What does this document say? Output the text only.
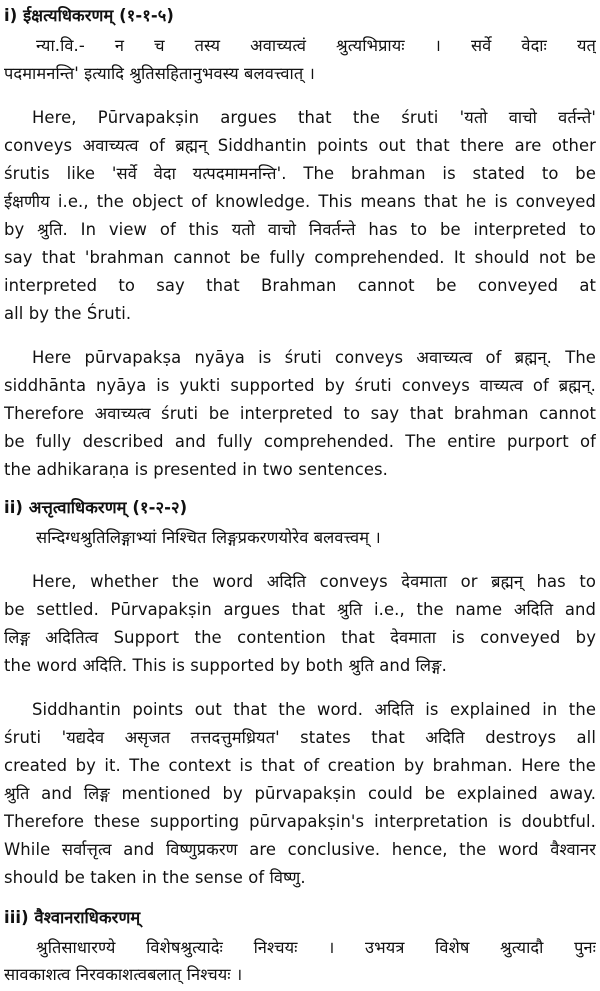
i) ईक्षत्यधिकरणम् (१-१-५)
न्या.वि.- न च तस्य अवाच्यत्वं श्रुत्यभिप्रायः । सर्वे वेदाः यत्
पदमामनन्ति' इत्यादि श्रुतिसहितानुभवस्य बलवत्त्वात् ।
Here, Pūrvapakṣin argues that the śruti 'यतो वाचो वर्तन्ते'
conveys अवाच्यत्व of ब्रह्मन् Siddhantin points out that there are other
śrutis like 'सर्वे वेदा यत्पदमामनन्ति'. The brahman is stated to be
ईक्षणीय i.e., the object of knowledge. This means that he is conveyed
by श्रुति. In view of this यतो वाचो निवर्तन्ते has to be interpreted to
say that 'brahman cannot be fully comprehended. It should not be
interpreted to say that Brahman cannot be conveyed at
all by the Śruti.
Here pūrvapakṣa nyāya is śruti conveys अवाच्यत्व of ब्रह्मन्. The
siddhānta nyāya is yukti supported by śruti conveys वाच्यत्व of ब्रह्मन्.
Therefore अवाच्यत्व śruti be interpreted to say that brahman cannot
be fully described and fully comprehended. The entire purport of
the adhikaraṇa is presented in two sentences.
ii) अत्तृत्वाधिकरणम् (१-२-२)
सन्दिग्धश्रुतिलिङ्गाभ्यां निश्चित लिङ्गप्रकरणयोरेव बलवत्त्वम् ।
Here, whether the word अदिति conveys देवमाता or ब्रह्मन् has to
be settled. Pūrvapakṣin argues that श्रुति i.e., the name अदिति and
लिङ्ग अदितित्व Support the contention that देवमाता is conveyed by
the word अदिति. This is supported by both श्रुति and लिङ्ग.
Siddhantin points out that the word. अदिति is explained in the
śruti 'यद्यदेव असृजत तत्तदत्तुमध्रियत' states that अदिति destroys all
created by it. The context is that of creation by brahman. Here the
श्रुति and लिङ्ग mentioned by pūrvapakṣin could be explained away.
Therefore these supporting pūrvapakṣin's interpretation is doubtful.
While सर्वात्तृत्व and विष्णुप्रकरण are conclusive. hence, the word वैश्वानर
should be taken in the sense of विष्णु.
iii) वैश्वानराधिकरणम्
श्रुतिसाधारण्ये विशेषश्रुत्यादेः निश्चयः । उभयत्र विशेष श्रुत्यादौ पुनः
सावकाशत्व निरवकाशत्वबलात् निश्चयः ।
